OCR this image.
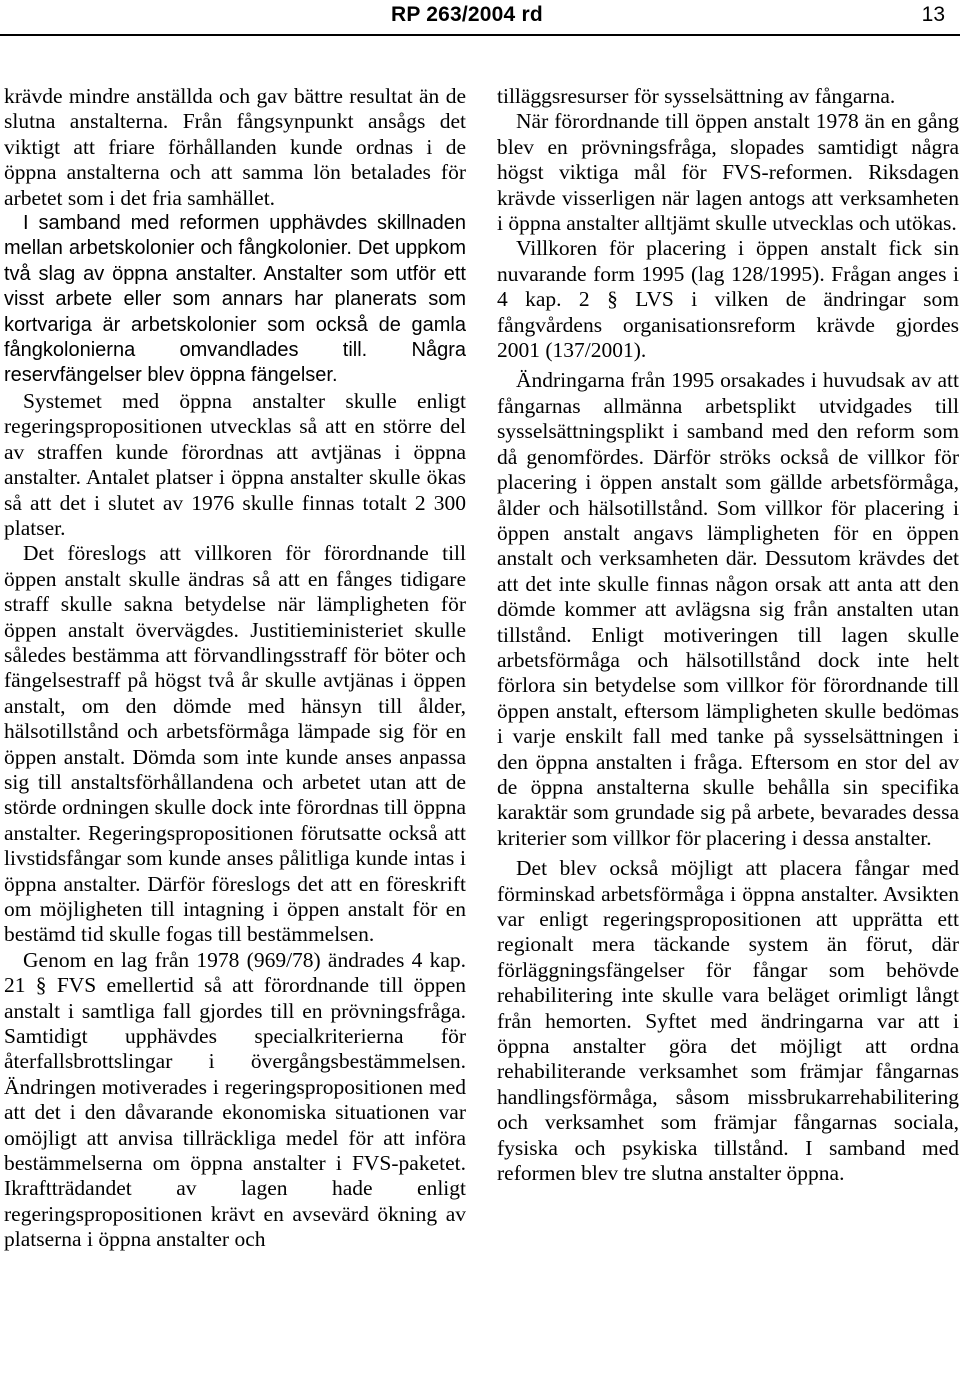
RP 263/2004 rd	13

krävde mindre anställda och gav bättre resultat än de slutna anstalterna. Från fångsynpunkt ansågs det viktigt att friare förhållanden kunde ordnas i de öppna anstalterna och att samma lön betalades för arbetet som i det fria samhället.

I samband med reformen upphävdes skillnaden mellan arbetskolonier och fångkolonier. Det uppkom två slag av öppna anstalter. Anstalter som utför ett visst arbete eller som annars har planerats som kortvariga är arbetskolonier som också de gamla fångkolonierna omvandlades till. Några reservfängelser blev öppna fängelser.

Systemet med öppna anstalter skulle enligt regeringspropositionen utvecklas så att en större del av straffen kunde förordnas att avtjänas i öppna anstalter. Antalet platser i öppna anstalter skulle ökas så att det i slutet av 1976 skulle finnas totalt 2 300 platser.

Det föreslogs att villkoren för förordnande till öppen anstalt skulle ändras så att en fånges tidigare straff skulle sakna betydelse när lämpligheten för öppen anstalt övervägdes. Justitieministeriet skulle således bestämma att förvandlingsstraff för böter och fängelsestraff på högst två år skulle avtjänas i öppen anstalt, om den dömde med hänsyn till ålder, hälsotillstånd och arbetsförmåga lämpade sig för en öppen anstalt. Dömda som inte kunde anses anpassa sig till anstaltsförhållandena och arbetet utan att de störde ordningen skulle dock inte förordnas till öppna anstalter. Regeringspropositionen förutsatte också att livstidsfångar som kunde anses pålitliga kunde intas i öppna anstalter. Därför föreslogs det att en föreskrift om möjligheten till intagning i öppen anstalt för en bestämd tid skulle fogas till bestämmelsen.

Genom en lag från 1978 (969/78) ändrades 4 kap. 21 § FVS emellertid så att förordnande till öppen anstalt i samtliga fall gjordes till en prövningsfråga. Samtidigt upphävdes specialkriterierna för återfallsbrottslingar i övergångsbestämmelsen. Ändringen motiverades i regeringspropositionen med att det i den dåvarande ekonomiska situationen var omöjligt att anvisa tillräckliga medel för att införa bestämmelserna om öppna anstalter i FVS-paketet. Ikraftträdandet av lagen hade enligt regeringspropositionen krävt en avsevärd ökning av platserna i öppna anstalter och

tilläggsresurser för sysselsättning av fångarna.

När förordnande till öppen anstalt 1978 än en gång blev en prövningsfråga, slopades samtidigt några högst viktiga mål för FVS-reformen. Riksdagen krävde visserligen när lagen antogs att verksamheten i öppna anstalter alltjämt skulle utvecklas och utökas.

Villkoren för placering i öppen anstalt fick sin nuvarande form 1995 (lag 128/1995). Frågan anges i 4 kap. 2 § LVS i vilken de ändringar som fångvårdens organisationsreform krävde gjordes 2001 (137/2001).

Ändringarna från 1995 orsakades i huvudsak av att fångarnas allmänna arbetsplikt utvidgades till sysselsättningsplikt i samband med den reform som då genomfördes. Därför ströks också de villkor för placering i öppen anstalt som gällde arbetsförmåga, ålder och hälsotillstånd. Som villkor för placering i öppen anstalt angavs lämpligheten för en öppen anstalt och verksamheten där. Dessutom krävdes det att det inte skulle finnas någon orsak att anta att den dömde kommer att avlägsna sig från anstalten utan tillstånd. Enligt motiveringen till lagen skulle arbetsförmåga och hälsotillstånd dock inte helt förlora sin betydelse som villkor för förordnande till öppen anstalt, eftersom lämpligheten skulle bedömas i varje enskilt fall med tanke på sysselsättningen i den öppna anstalten i fråga. Eftersom en stor del av de öppna anstalterna skulle behålla sin specifika karaktär som grundade sig på arbete, bevarades dessa kriterier som villkor för placering i dessa anstalter.

Det blev också möjligt att placera fångar med förminskad arbetsförmåga i öppna anstalter. Avsikten var enligt regeringspropositionen att upprätta ett regionalt mera täckande system än förut, där förläggningsfängelser för fångar som behövde rehabilitering inte skulle vara beläget orimligt långt från hemorten. Syftet med ändringarna var att i öppna anstalter göra det möjligt att ordna rehabiliterande verksamhet som främjar fångarnas handlingsförmåga, såsom missbrukarrehabilitering och verksamhet som främjar fångarnas sociala, fysiska och psykiska tillstånd. I samband med reformen blev tre slutna anstalter öppna.
